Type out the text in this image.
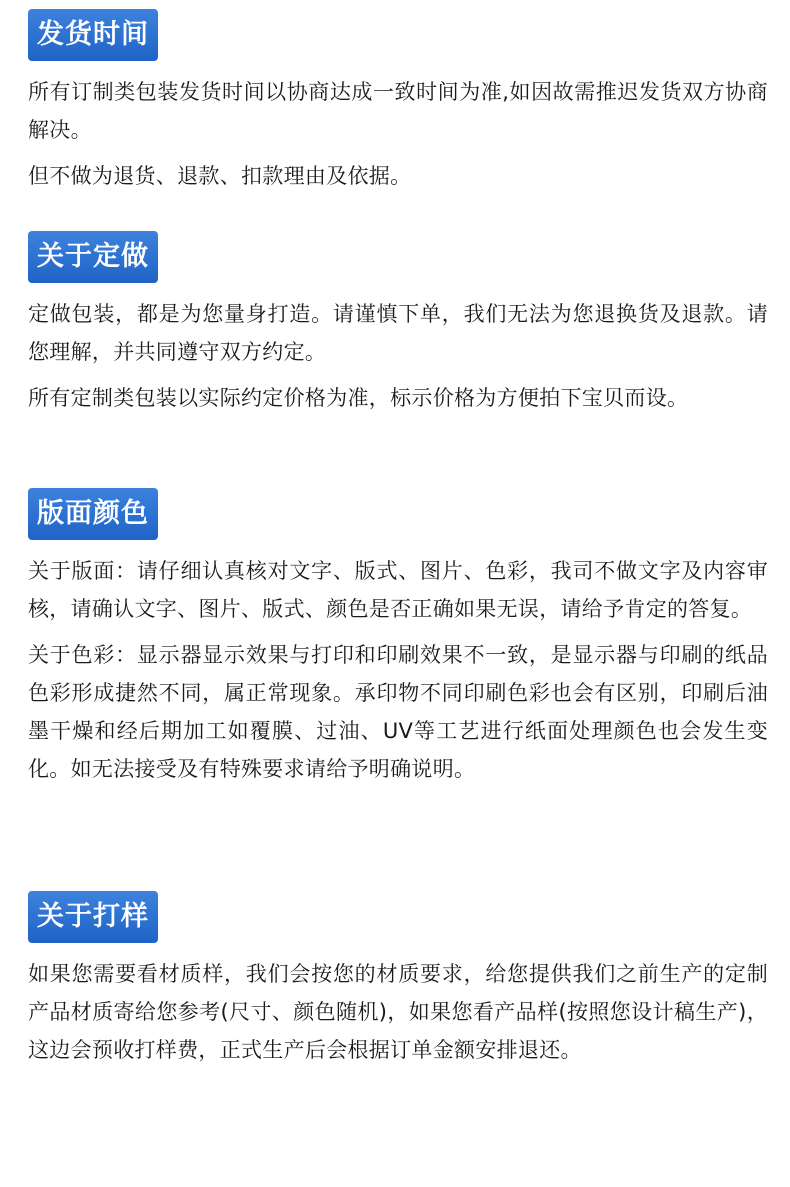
发货时间

所有订制类包装发货时间以协商达成一致时间为准,如因故需推迟发货双方协商解决。

但不做为退货、退款、扣款理由及依据。

关于定做

定做包装，都是为您量身打造。请谨慎下单，我们无法为您退换货及退款。请您理解，并共同遵守双方约定。

所有定制类包装以实际约定价格为准，标示价格为方便拍下宝贝而设。

版面颜色

关于版面：请仔细认真核对文字、版式、图片、色彩，我司不做文字及内容审核，请确认文字、图片、版式、颜色是否正确如果无误，请给予肯定的答复。

关于色彩：显示器显示效果与打印和印刷效果不一致，是显示器与印刷的纸品色彩形成捷然不同，属正常现象。承印物不同印刷色彩也会有区别，印刷后油墨干燥和经后期加工如覆膜、过油、UV等工艺进行纸面处理颜色也会发生变化。如无法接受及有特殊要求请给予明确说明。

关于打样

如果您需要看材质样，我们会按您的材质要求，给您提供我们之前生产的定制产品材质寄给您参考(尺寸、颜色随机)，如果您看产品样(按照您设计稿生产)，这边会预收打样费，正式生产后会根据订单金额安排退还。
